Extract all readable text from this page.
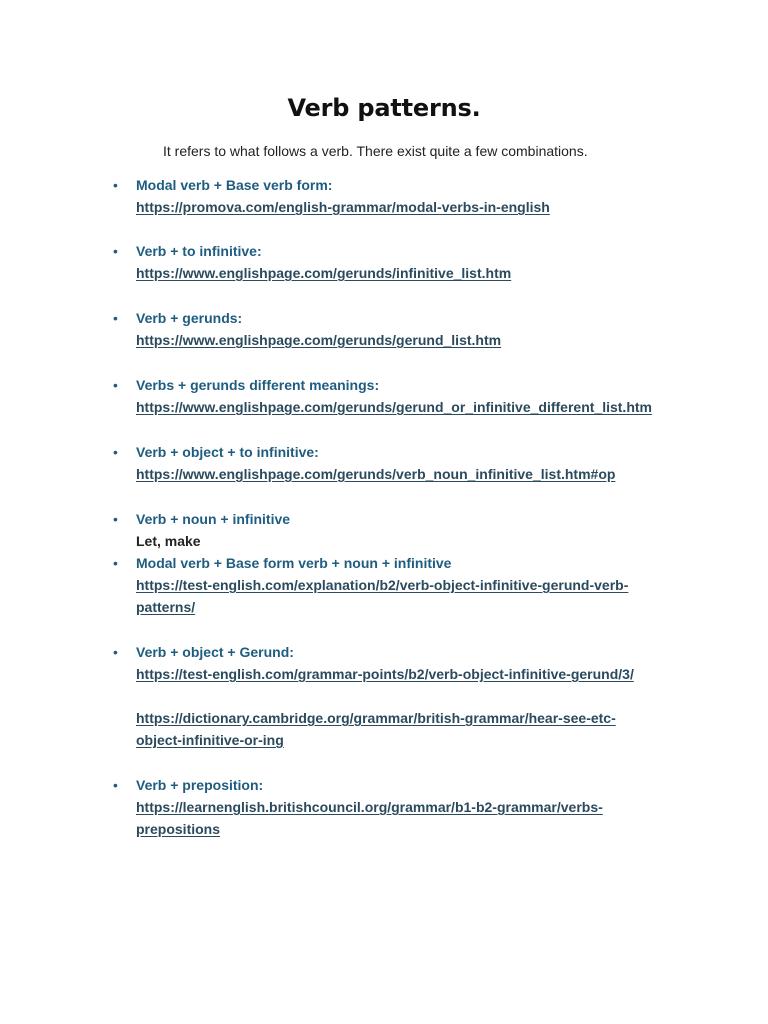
Verb patterns.

It refers to what follows a verb. There exist quite a few combinations.

•	Modal verb + Base verb form:
https://promova.com/english-grammar/modal-verbs-in-english
•	Verb + to infinitive:
https://www.englishpage.com/gerunds/infinitive_list.htm
•	Verb + gerunds:
https://www.englishpage.com/gerunds/gerund_list.htm
•	Verbs + gerunds different meanings:
https://www.englishpage.com/gerunds/gerund_or_infinitive_different_list.htm
•	Verb + object + to infinitive:
https://www.englishpage.com/gerunds/verb_noun_infinitive_list.htm#op
•	Verb + noun + infinitive
Let, make
•	Modal verb + Base form verb + noun + infinitive
https://test-english.com/explanation/b2/verb-object-infinitive-gerund-verb-
patterns/
•	Verb + object + Gerund:
https://test-english.com/grammar-points/b2/verb-object-infinitive-gerund/3/
https://dictionary.cambridge.org/grammar/british-grammar/hear-see-etc-
object-infinitive-or-ing
•	Verb + preposition:
https://learnenglish.britishcouncil.org/grammar/b1-b2-grammar/verbs-
prepositions
